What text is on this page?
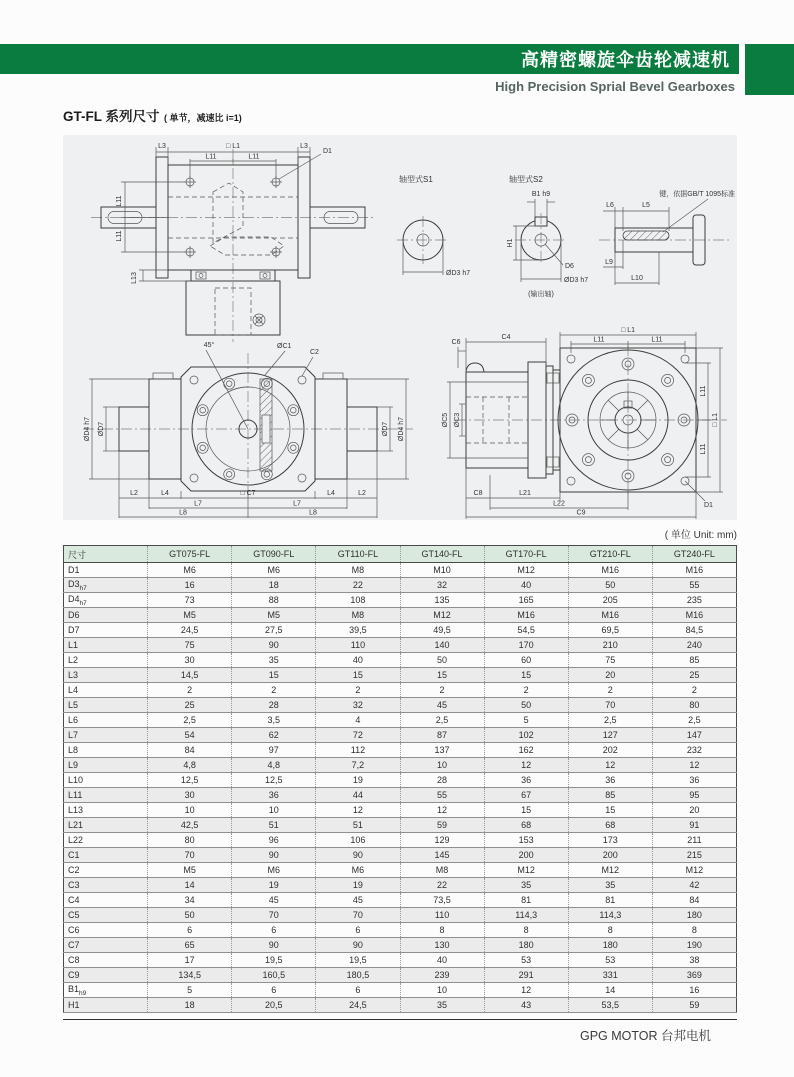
高精密螺旋伞齿轮减速机
High Precision Sprial Bevel Gearboxes
GT-FL 系列尺寸 ( 单节，减速比 i=1)
L3	□ L1	L3
L11	L11
D1
L11
L11
L13
轴型式S1
ØD3 h7
轴型式S2
B1 h9
H1
D6
ØD3 h7
(输出轴)
L6	L5
键，依据GB/T 1095标准
L9
L10
45°	ØC1
C2
ØD4 h7 ØD7	ØD7 ØD4 h7
L2	L4	□ C7	L4	L2
L7	L7
L8	L8
C4
C6
□ L1
L11	L11
ØC5 ØC3
L11
L11
□ L1
C8	L21
L22
C9
D1
( 单位 Unit: mm)
尺寸	GT075-FL	GT090-FL	GT110-FL	GT140-FL	GT170-FL	GT210-FL	GT240-FL
D1	M6	M6	M8	M10	M12	M16	M16
$D3_{h7}$	16	18	22	32	40	50	55
$D4_{h7}$	73	88	108	135	165	205	235
D6	M5	M5	M8	M12	M16	M16	M16
D7	24,5	27,5	39,5	49,5	54,5	69,5	84,5
L1	75	90	110	140	170	210	240
L2	30	35	40	50	60	75	85
L3	14,5	15	15	15	15	20	25
L4	2	2	2	2	2	2	2
L5	25	28	32	45	50	70	80
L6	2,5	3,5	4	2,5	5	2,5	2,5
L7	54	62	72	87	102	127	147
L8	84	97	112	137	162	202	232
L9	4,8	4,8	7,2	10	12	12	12
L10	12,5	12,5	19	28	36	36	36
L11	30	36	44	55	67	85	95
L13	10	10	12	12	15	15	20
L21	42,5	51	51	59	68	68	91
L22	80	96	106	129	153	173	211
C1	70	90	90	145	200	200	215
C2	M5	M6	M6	M8	M12	M12	M12
C3	14	19	19	22	35	35	42
C4	34	45	45	73,5	81	81	84
C5	50	70	70	110	114,3	114,3	180
C6	6	6	6	8	8	8	8
C7	65	90	90	130	180	180	190
C8	17	19,5	19,5	40	53	53	38
C9	134,5	160,5	180,5	239	291	331	369
$B1_{h9}$	5	6	6	10	12	14	16
H1	18	20,5	24,5	35	43	53,5	59
GPG MOTOR 台邦电机
